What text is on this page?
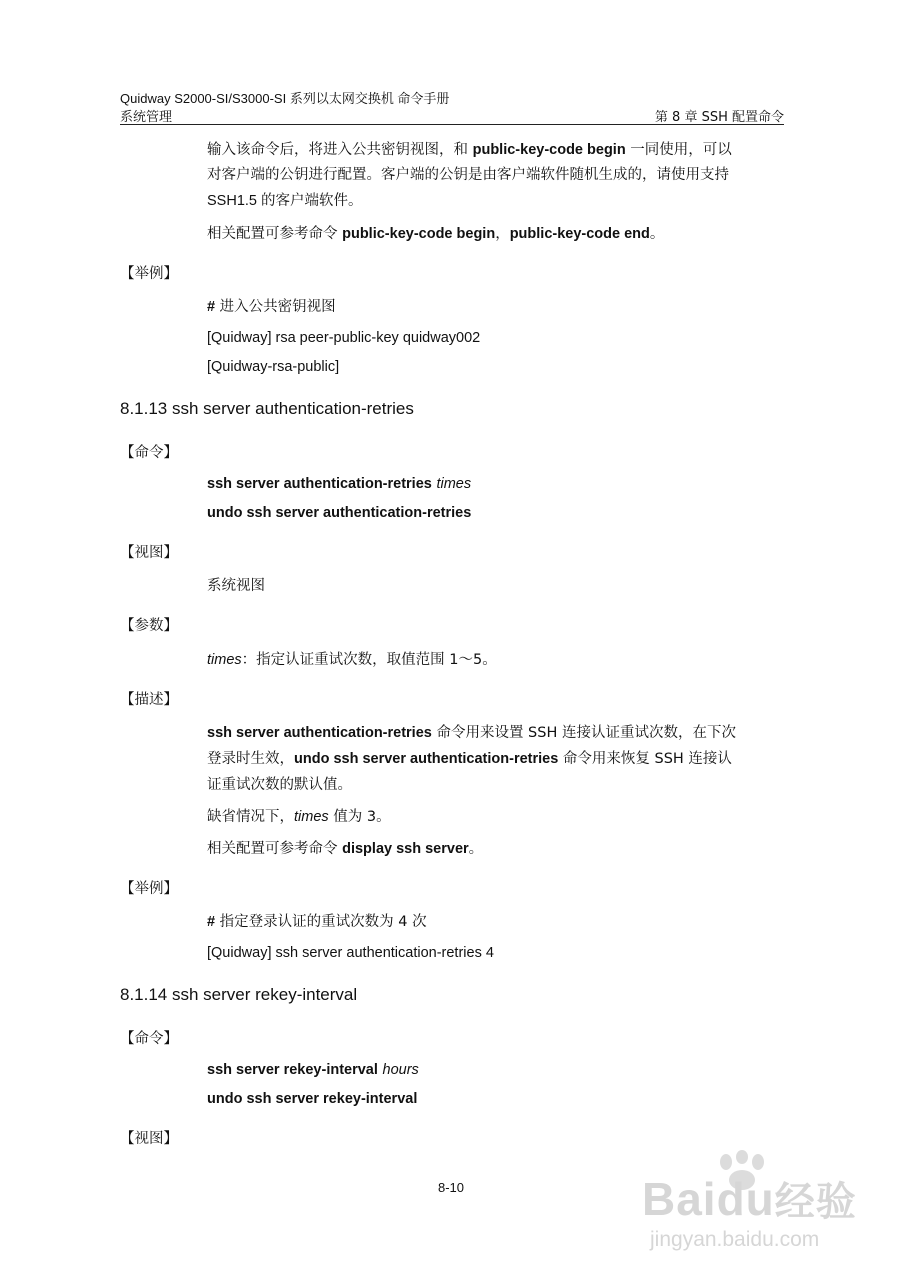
Quidway S2000-SI/S3000-SI 系列以太网交换机 命令手册
系统管理	第 8 章 SSH 配置命令
输入该命令后，将进入公共密钥视图，和 public-key-code begin 一同使用，可以
对客户端的公钥进行配置。客户端的公钥是由客户端软件随机生成的，请使用支持
SSH1.5 的客户端软件。
相关配置可参考命令 public-key-code begin，public-key-code end。
【举例】
# 进入公共密钥视图
[Quidway] rsa peer-public-key quidway002
[Quidway-rsa-public]
8.1.13 ssh server authentication-retries
【命令】
ssh server authentication-retries times
undo ssh server authentication-retries
【视图】
系统视图
【参数】
times：指定认证重试次数，取值范围 1～5。
【描述】
ssh server authentication-retries 命令用来设置 SSH 连接认证重试次数，在下次
登录时生效，undo ssh server authentication-retries 命令用来恢复 SSH 连接认
证重试次数的默认值。
缺省情况下，times 值为 3。
相关配置可参考命令 display ssh server。
【举例】
# 指定登录认证的重试次数为 4 次
[Quidway] ssh server authentication-retries 4
8.1.14 ssh server rekey-interval
【命令】
ssh server rekey-interval hours
undo ssh server rekey-interval
【视图】
8-10	Baidu经验
jingyan.baidu.com
